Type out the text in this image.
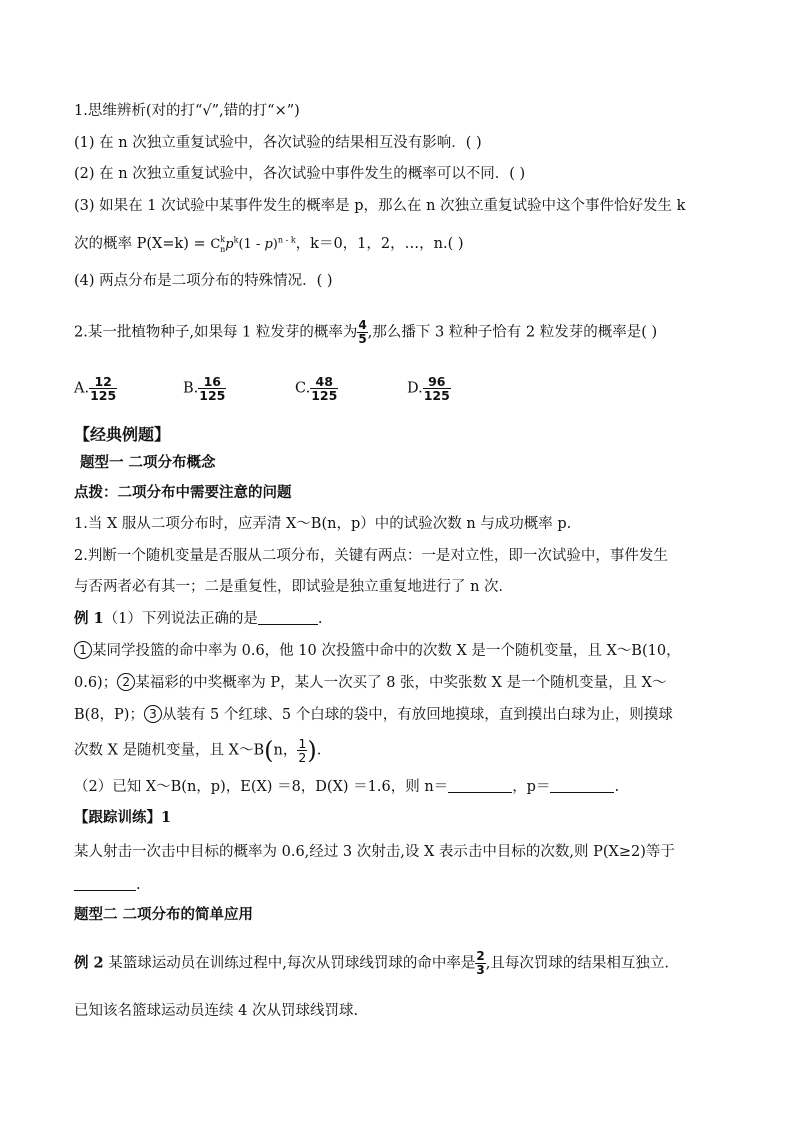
1.思维辨析(对的打“√”,错的打“×”)
(1) 在 n 次独立重复试验中，各次试验的结果相互没有影响．( )
(2) 在 n 次独立重复试验中，各次试验中事件发生的概率可以不同．( )
(3) 如果在 1 次试验中某事件发生的概率是 p，那么在 n 次独立重复试验中这个事件恰好发生 k
次的概率 $P(X=k) = C^k_np^k(1 - p)^{n - k}$，k＝0，1，2，…，n.( )
(4) 两点分布是二项分布的特殊情况．( )
2.某一批植物种子,如果每 1 粒发芽的概率为 $\frac{4}{5}$ ,那么播下 3 粒种子恰有 2 粒发芽的概率是( )
A. $\frac{12}{125}$	B. $\frac{16}{125}$	C. $\frac{48}{125}$	D. $\frac{96}{125}$
【经典例题】
题型一 二项分布概念
点拨：二项分布中需要注意的问题
1.当 X 服从二项分布时，应弄清 X～B(n，p）中的试验次数 n 与成功概率 p.
2.判断一个随机变量是否服从二项分布，关键有两点：一是对立性，即一次试验中，事件发生
与否两者必有其一；二是重复性，即试验是独立重复地进行了 n 次．
例 1（1）下列说法正确的是	.
1 某同学投篮的命中率为 0.6，他 10 次投篮中命中的次数 X 是一个随机变量，且 X～B(10，
0.6)； 2 某福彩的中奖概率为 P，某人一次买了 8 张，中奖张数 X 是一个随机变量，且 X～
B(8，P)； 3 从装有 5 个红球、5 个白球的袋中，有放回地摸球，直到摸出白球为止，则摸球
次数 X 是随机变量，且 X～B(n， $\frac{1}{2}$ ).
（2）已知 X～B(n，p)，E(X) ＝8，D(X) ＝1.6，则 n＝	，p＝	.
【跟踪训练】1
某人射击一次击中目标的概率为 0.6,经过 3 次射击,设 X 表示击中目标的次数,则 P(X≥2)等于
.
题型二 二项分布的简单应用
例 2 某篮球运动员在训练过程中,每次从罚球线罚球的命中率是 $\frac{2}{3}$ ,且每次罚球的结果相互独立.
已知该名篮球运动员连续 4 次从罚球线罚球.
